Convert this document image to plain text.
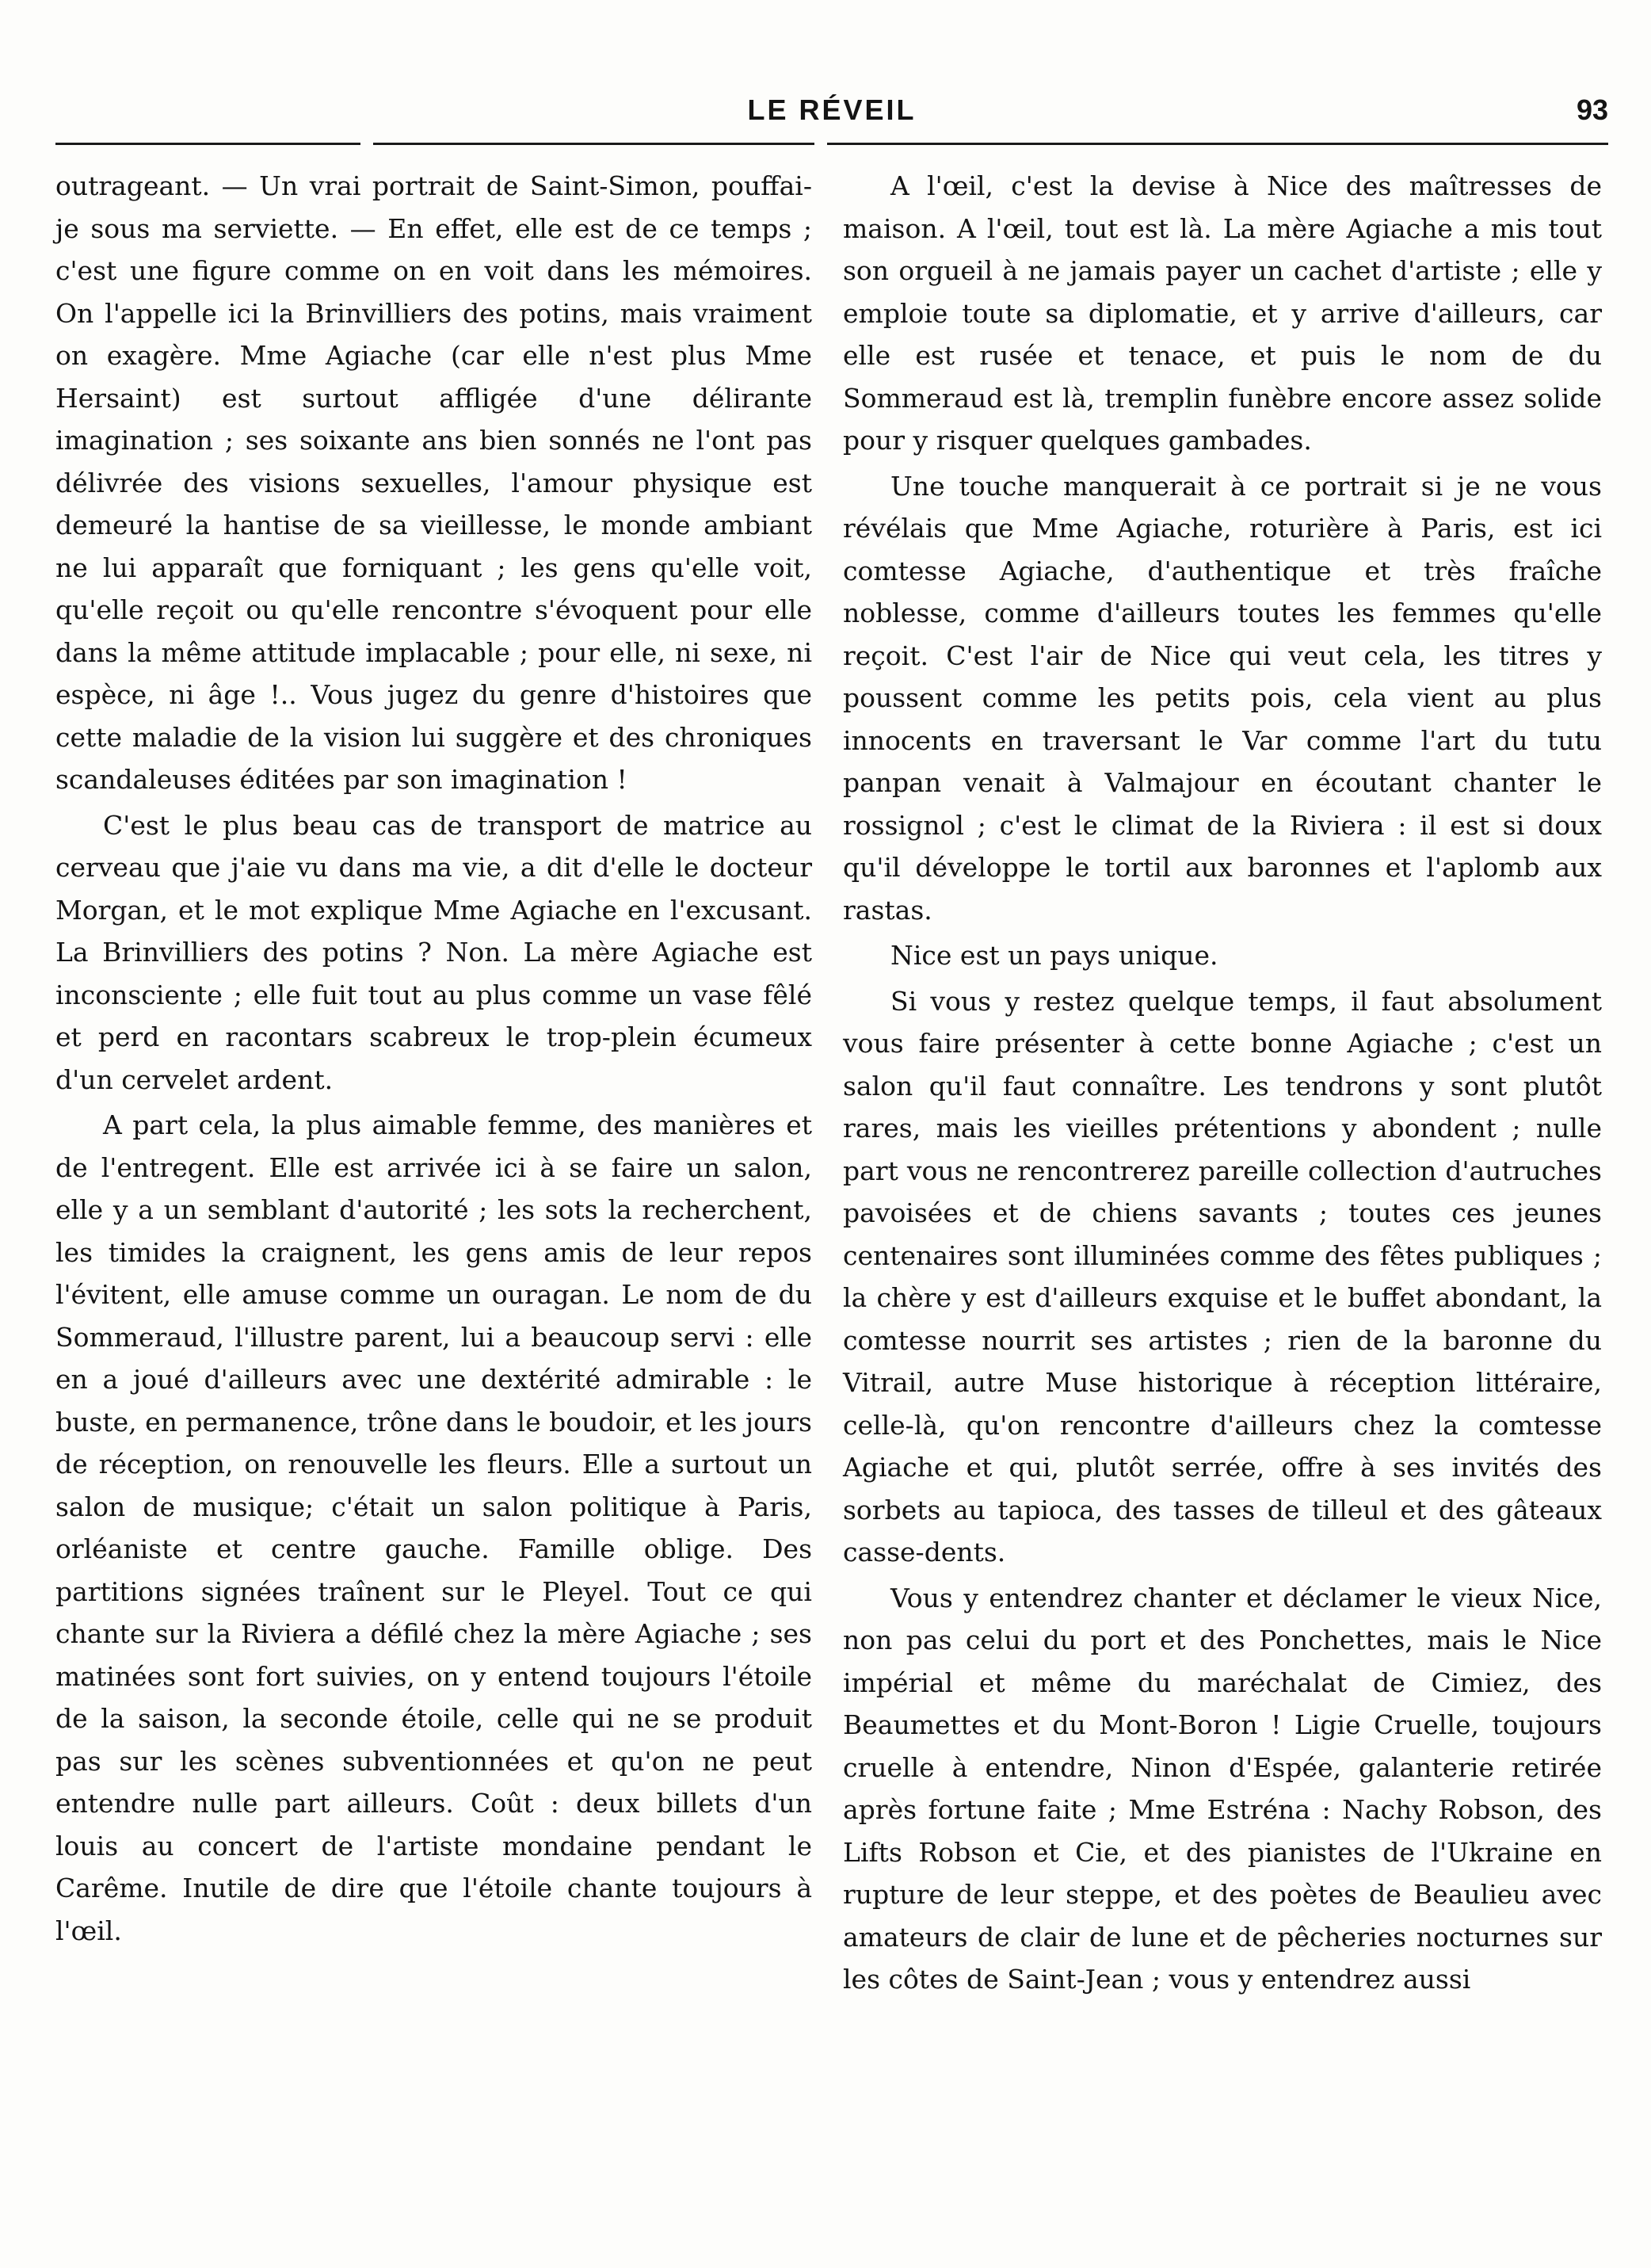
LE RÉVEIL	93

outrageant. — Un vrai portrait de Saint-Simon, pouffai-je sous ma serviette. — En effet, elle est de ce temps ; c'est une figure comme on en voit dans les mémoires. On l'appelle ici la Brinvilliers des potins, mais vraiment on exagère. Mme Agiache (car elle n'est plus Mme Hersaint) est surtout affligée d'une délirante imagination ; ses soixante ans bien sonnés ne l'ont pas délivrée des visions sexuelles, l'amour physique est demeuré la hantise de sa vieillesse, le monde ambiant ne lui apparaît que forniquant ; les gens qu'elle voit, qu'elle reçoit ou qu'elle rencontre s'évoquent pour elle dans la même attitude implacable ; pour elle, ni sexe, ni espèce, ni âge !.. Vous jugez du genre d'histoires que cette maladie de la vision lui suggère et des chroniques scandaleuses éditées par son imagination !

C'est le plus beau cas de transport de matrice au cerveau que j'aie vu dans ma vie, a dit d'elle le docteur Morgan, et le mot explique Mme Agiache en l'excusant. La Brinvilliers des potins ? Non. La mère Agiache est inconsciente ; elle fuit tout au plus comme un vase fêlé et perd en racontars scabreux le trop-plein écumeux d'un cervelet ardent.

A part cela, la plus aimable femme, des manières et de l'entregent. Elle est arrivée ici à se faire un salon, elle y a un semblant d'autorité ; les sots la recherchent, les timides la craignent, les gens amis de leur repos l'évitent, elle amuse comme un ouragan. Le nom de du Sommeraud, l'illustre parent, lui a beaucoup servi : elle en a joué d'ailleurs avec une dextérité admirable : le buste, en permanence, trône dans le boudoir, et les jours de réception, on renouvelle les fleurs. Elle a surtout un salon de musique; c'était un salon politique à Paris, orléaniste et centre gauche. Famille oblige. Des partitions signées traînent sur le Pleyel. Tout ce qui chante sur la Riviera a défilé chez la mère Agiache ; ses matinées sont fort suivies, on y entend toujours l'étoile de la saison, la seconde étoile, celle qui ne se produit pas sur les scènes subventionnées et qu'on ne peut entendre nulle part ailleurs. Coût : deux billets d'un louis au concert de l'artiste mondaine pendant le Carême. Inutile de dire que l'étoile chante toujours à l'œil.

A l'œil, c'est la devise à Nice des maîtresses de maison. A l'œil, tout est là. La mère Agiache a mis tout son orgueil à ne jamais payer un cachet d'artiste ; elle y emploie toute sa diplomatie, et y arrive d'ailleurs, car elle est rusée et tenace, et puis le nom de du Sommeraud est là, tremplin funèbre encore assez solide pour y risquer quelques gambades.

Une touche manquerait à ce portrait si je ne vous révélais que Mme Agiache, roturière à Paris, est ici comtesse Agiache, d'authentique et très fraîche noblesse, comme d'ailleurs toutes les femmes qu'elle reçoit. C'est l'air de Nice qui veut cela, les titres y poussent comme les petits pois, cela vient au plus innocents en traversant le Var comme l'art du tutu panpan venait à Valmajour en écoutant chanter le rossignol ; c'est le climat de la Riviera : il est si doux qu'il développe le tortil aux baronnes et l'aplomb aux rastas.

Nice est un pays unique.

Si vous y restez quelque temps, il faut absolument vous faire présenter à cette bonne Agiache ; c'est un salon qu'il faut connaître. Les tendrons y sont plutôt rares, mais les vieilles prétentions y abondent ; nulle part vous ne rencontrerez pareille collection d'autruches pavoisées et de chiens savants ; toutes ces jeunes centenaires sont illuminées comme des fêtes publiques ; la chère y est d'ailleurs exquise et le buffet abondant, la comtesse nourrit ses artistes ; rien de la baronne du Vitrail, autre Muse historique à réception littéraire, celle-là, qu'on rencontre d'ailleurs chez la comtesse Agiache et qui, plutôt serrée, offre à ses invités des sorbets au tapioca, des tasses de tilleul et des gâteaux casse-dents.

Vous y entendrez chanter et déclamer le vieux Nice, non pas celui du port et des Ponchettes, mais le Nice impérial et même du maréchalat de Cimiez, des Beaumettes et du Mont-Boron ! Ligie Cruelle, toujours cruelle à entendre, Ninon d'Espée, galanterie retirée après fortune faite ; Mme Estréna : Nachy Robson, des Lifts Robson et Cie, et des pianistes de l'Ukraine en rupture de leur steppe, et des poètes de Beaulieu avec amateurs de clair de lune et de pêcheries nocturnes sur les côtes de Saint-Jean ; vous y entendrez aussi
